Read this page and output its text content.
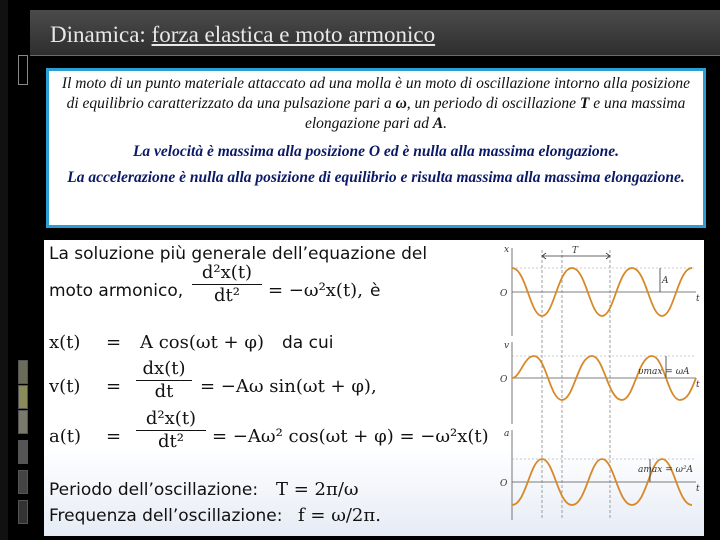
Dinamica: forza elastica e moto armonico

Il moto di un punto materiale attaccato ad una molla è un moto di oscillazione intorno alla posizione di equilibrio caratterizzato da una pulsazione pari a ω, un periodo di oscillazione T e una massima elongazione pari ad A.

La velocità è massima alla posizione O ed è nulla alla massima elongazione.

La accelerazione è nulla alla posizione di equilibrio e risulta massima alla massima elongazione.

La soluzione più generale dell’equazione del
moto armonico, $\frac{\text{d²x(t)}}{\text{dt²}} = -\omega^2x(t)$, è
x(t) = A cos(ωt + φ) da cui
$v(t) = \frac{dx(t)}{dt} = -A\omega$ sin(ωt + φ),
$a(t) = \frac{\text{d²x(t)}}{\text{dt²}} = -A\omega^2$ cos(ωt + φ) = −ω²x(t)
Periodo dell’oscillazione: T = 2π/ω
Frequenza dell’oscillazione: f = ω/2π.
x	T
A
O	t
v
O	t
υmax = ωA
a
O	t
amax = ω²A
